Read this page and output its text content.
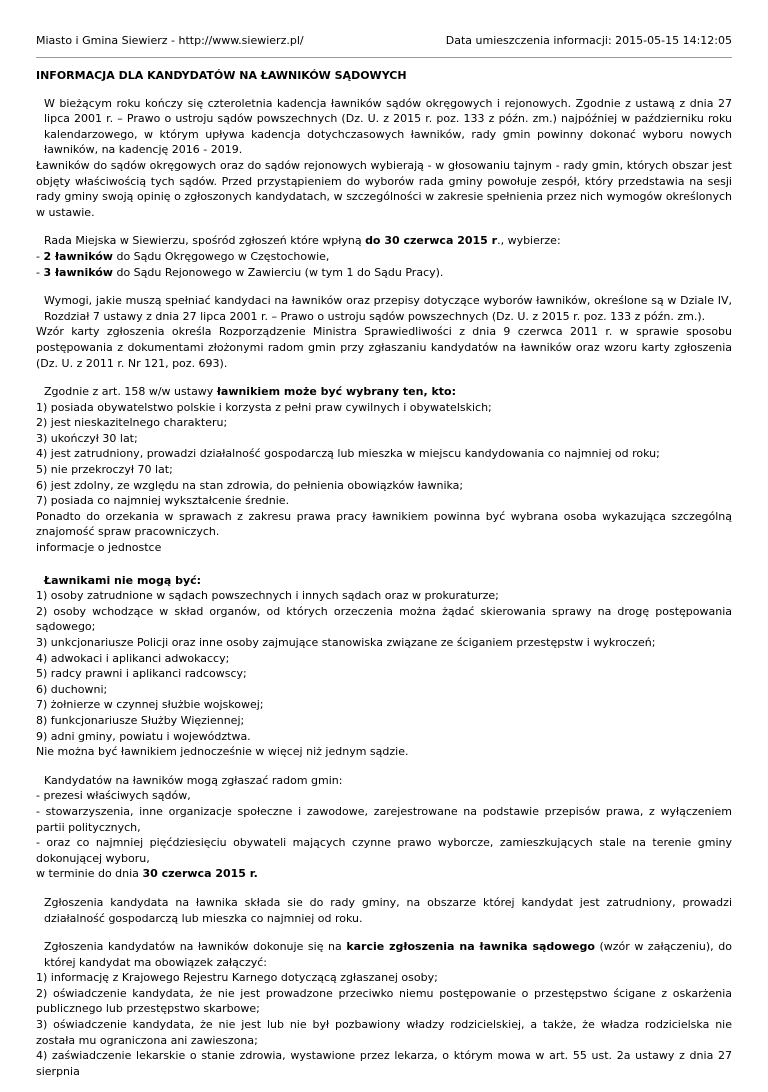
Miasto i Gmina Siewierz - http://www.siewierz.pl/	Data umieszczenia informacji: 2015-05-15 14:12:05

INFORMACJA DLA KANDYDATÓW NA ŁAWNIKÓW SĄDOWYCH

W bieżącym roku kończy się czteroletnia kadencja ławników sądów okręgowych i rejonowych. Zgodnie z ustawą z dnia 27 lipca 2001 r. – Prawo o ustroju sądów powszechnych (Dz. U. z 2015 r. poz. 133 z późn. zm.) najpóźniej w październiku roku kalendarzowego, w którym upływa kadencja dotychczasowych ławników, rady gmin powinny dokonać wyboru nowych ławników, na kadencję 2016 - 2019.

Ławników do sądów okręgowych oraz do sądów rejonowych wybierają - w głosowaniu tajnym - rady gmin, których obszar jest objęty właściwością tych sądów. Przed przystąpieniem do wyborów rada gminy powołuje zespół, który przedstawia na sesji rady gminy swoją opinię o zgłoszonych kandydatach, w szczególności w zakresie spełnienia przez nich wymogów określonych w ustawie.

Rada Miejska w Siewierzu, spośród zgłoszeń które wpłyną do 30 czerwca 2015 r., wybierze:

- 2 ławników do Sądu Okręgowego w Częstochowie,

- 3 ławników do Sądu Rejonowego w Zawierciu (w tym 1 do Sądu Pracy).

Wymogi, jakie muszą spełniać kandydaci na ławników oraz przepisy dotyczące wyborów ławników, określone są w Dziale IV, Rozdział 7 ustawy z dnia 27 lipca 2001 r. – Prawo o ustroju sądów powszechnych (Dz. U. z 2015 r. poz. 133 z późn. zm.).

Wzór karty zgłoszenia określa Rozporządzenie Ministra Sprawiedliwości z dnia 9 czerwca 2011 r. w sprawie sposobu postępowania z dokumentami złożonymi radom gmin przy zgłaszaniu kandydatów na ławników oraz wzoru karty zgłoszenia (Dz. U. z 2011 r. Nr 121, poz. 693).

Zgodnie z art. 158 w/w ustawy ławnikiem może być wybrany ten, kto:

1) posiada obywatelstwo polskie i korzysta z pełni praw cywilnych i obywatelskich;

2) jest nieskazitelnego charakteru;

3) ukończył 30 lat;

4) jest zatrudniony, prowadzi działalność gospodarczą lub mieszka w miejscu kandydowania co najmniej od roku;

5) nie przekroczył 70 lat;

6) jest zdolny, ze względu na stan zdrowia, do pełnienia obowiązków ławnika;

7) posiada co najmniej wykształcenie średnie.

Ponadto do orzekania w sprawach z zakresu prawa pracy ławnikiem powinna być wybrana osoba wykazująca szczególną znajomość spraw pracowniczych.

informacje o jednostce

Ławnikami nie mogą być:

1) osoby zatrudnione w sądach powszechnych i innych sądach oraz w prokuraturze;

2) osoby wchodzące w skład organów, od których orzeczenia można żądać skierowania sprawy na drogę postępowania sądowego;

3) unkcjonariusze Policji oraz inne osoby zajmujące stanowiska związane ze ściganiem przestępstw i wykroczeń;

4) adwokaci i aplikanci adwokaccy;

5) radcy prawni i aplikanci radcowscy;

6) duchowni;

7) żołnierze w czynnej służbie wojskowej;

8) funkcjonariusze Służby Więziennej;

9) adni gminy, powiatu i województwa.

Nie można być ławnikiem jednocześnie w więcej niż jednym sądzie.

Kandydatów na ławników mogą zgłaszać radom gmin:

- prezesi właściwych sądów,

- stowarzyszenia, inne organizacje społeczne i zawodowe, zarejestrowane na podstawie przepisów prawa, z wyłączeniem partii politycznych,

- oraz co najmniej pięćdziesięciu obywateli mających czynne prawo wyborcze, zamieszkujących stale na terenie gminy dokonującej wyboru,

w terminie do dnia 30 czerwca 2015 r.

Zgłoszenia kandydata na ławnika składa sie do rady gminy, na obszarze której kandydat jest zatrudniony, prowadzi działalność gospodarczą lub mieszka co najmniej od roku.

Zgłoszenia kandydatów na ławników dokonuje się na karcie zgłoszenia na ławnika sądowego (wzór w załączeniu), do której kandydat ma obowiązek załączyć:

1) informację z Krajowego Rejestru Karnego dotyczącą zgłaszanej osoby;

2) oświadczenie kandydata, że nie jest prowadzone przeciwko niemu postępowanie o przestępstwo ścigane z oskarżenia publicznego lub przestępstwo skarbowe;

3) oświadczenie kandydata, że nie jest lub nie był pozbawiony władzy rodzicielskiej, a także, że władza rodzicielska nie została mu ograniczona ani zawieszona;

4) zaświadczenie lekarskie o stanie zdrowia, wystawione przez lekarza, o którym mowa w art. 55 ust. 2a ustawy z dnia 27 sierpnia
